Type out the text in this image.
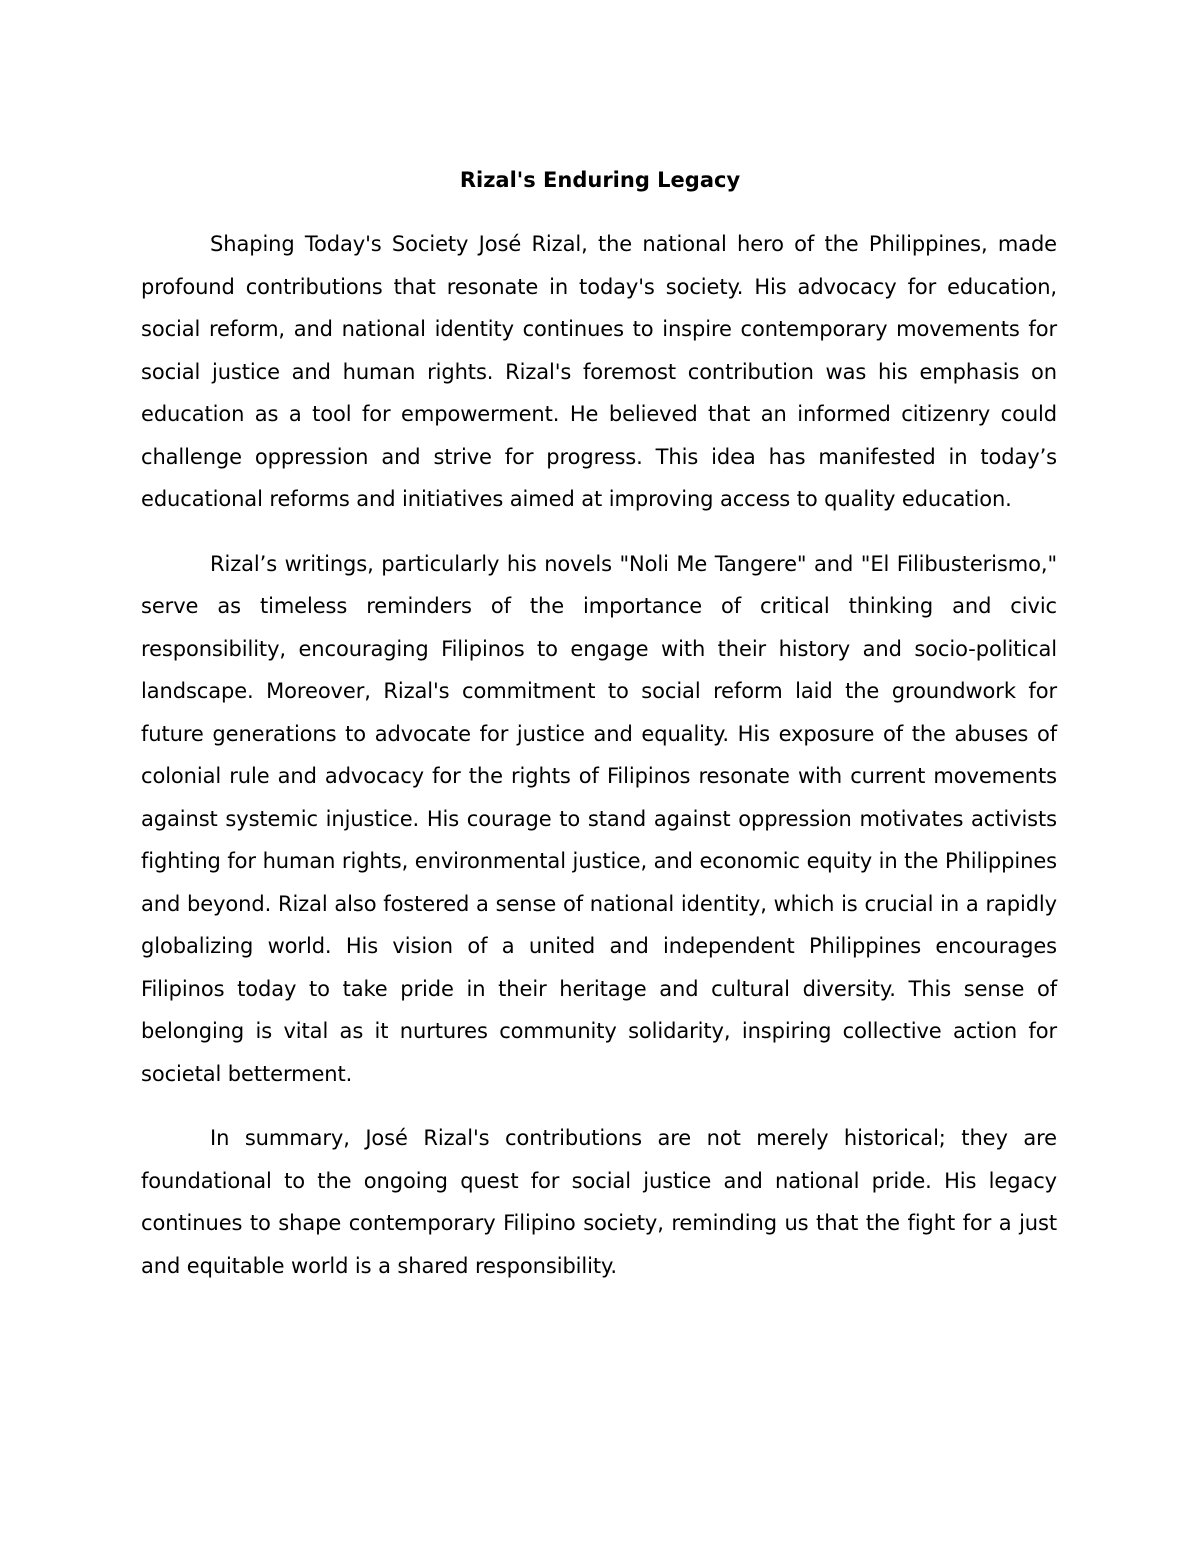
Rizal's Enduring Legacy

Shaping Today's Society José Rizal, the national hero of the Philippines, made profound contributions that resonate in today's society. His advocacy for education, social reform, and national identity continues to inspire contemporary movements for social justice and human rights. Rizal's foremost contribution was his emphasis on education as a tool for empowerment. He believed that an informed citizenry could challenge oppression and strive for progress. This idea has manifested in today’s educational reforms and initiatives aimed at improving access to quality education.

Rizal’s writings, particularly his novels "Noli Me Tangere" and "El Filibusterismo," serve as timeless reminders of the importance of critical thinking and civic responsibility, encouraging Filipinos to engage with their history and socio-political landscape. Moreover, Rizal's commitment to social reform laid the groundwork for future generations to advocate for justice and equality. His exposure of the abuses of colonial rule and advocacy for the rights of Filipinos resonate with current movements against systemic injustice. His courage to stand against oppression motivates activists fighting for human rights, environmental justice, and economic equity in the Philippines and beyond. Rizal also fostered a sense of national identity, which is crucial in a rapidly globalizing world. His vision of a united and independent Philippines encourages Filipinos today to take pride in their heritage and cultural diversity. This sense of belonging is vital as it nurtures community solidarity, inspiring collective action for societal betterment.

In summary, José Rizal's contributions are not merely historical; they are foundational to the ongoing quest for social justice and national pride. His legacy continues to shape contemporary Filipino society, reminding us that the fight for a just and equitable world is a shared responsibility.
